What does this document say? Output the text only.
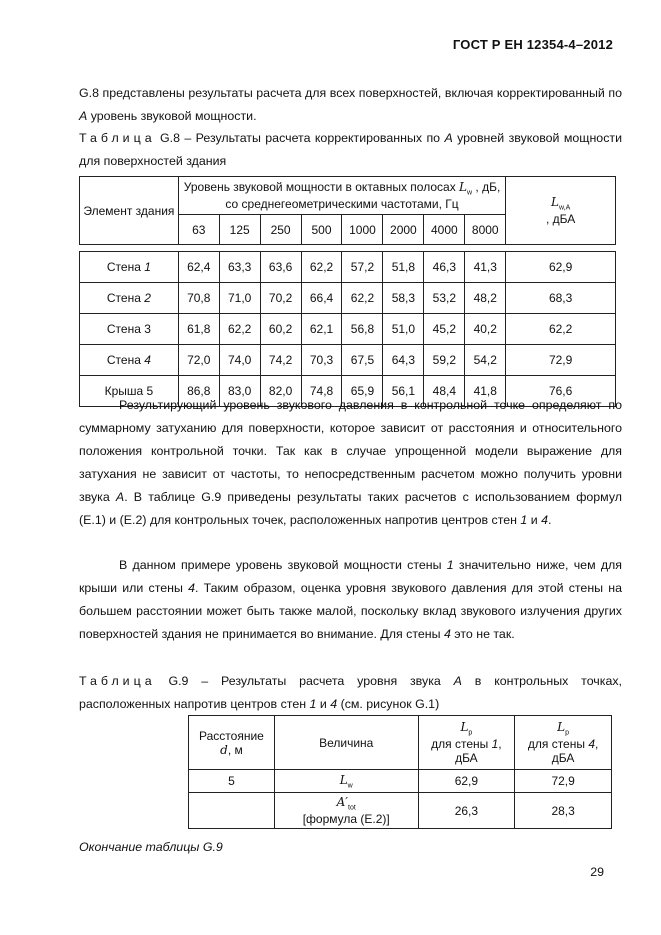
ГОСТ Р ЕН 12354-4–2012
G.8 представлены результаты расчета для всех поверхностей, включая корректированный по A уровень звуковой мощности.
Таблица G.8 – Результаты расчета корректированных по A уровней звуковой мощности для поверхностей здания
Элемент здания	Уровень звуковой мощности в октавных полосах $L_w$ , дБ, со среднегеометрическими частотами, Гц								$L_{w,A}$
, дБА
	63	125	250	500	1000	2000	4000	8000	

Стена 1	62,4	63,3	63,6	62,2	57,2	51,8	46,3	41,3	62,9
Стена 2	70,8	71,0	70,2	66,4	62,2	58,3	53,2	48,2	68,3
Стена 3	61,8	62,2	60,2	62,1	56,8	51,0	45,2	40,2	62,2
Стена 4	72,0	74,0	74,2	70,3	67,5	64,3	59,2	54,2	72,9
Крыша 5	86,8	83,0	82,0	74,8	65,9	56,1	48,4	41,8	76,6
Результирующий уровень звукового давления в контрольной точке определяют по суммарному затуханию для поверхности, которое зависит от расстояния и относительного положения контрольной точки. Так как в случае упрощенной модели выражение для затухания не зависит от частоты, то непосредственным расчетом можно получить уровни звука A. В таблице G.9 приведены результаты таких расчетов с использованием формул (Е.1) и (Е.2) для контрольных точек, расположенных напротив центров стен 1 и 4.
В данном примере уровень звуковой мощности стены 1 значительно ниже, чем для крыши или стены 4. Таким образом, оценка уровня звукового давления для этой стены на большем расстоянии может быть также малой, поскольку вклад звукового излучения других поверхностей здания не принимается во внимание. Для стены 4 это не так.
Таблица G.9 – Результаты расчета уровня звука A в контрольных точках, расположенных напротив центров стен 1 и 4 (см. рисунок G.1)
Расстояние
d, м	Величина	$L_p$
для стены 1, дБА	$L_p$
для стены 4, дБА
5	$L_w$	62,9	72,9
	$A'_{tot}$
[формула (Е.2)]	26,3	28,3
Окончание таблицы G.9
29
